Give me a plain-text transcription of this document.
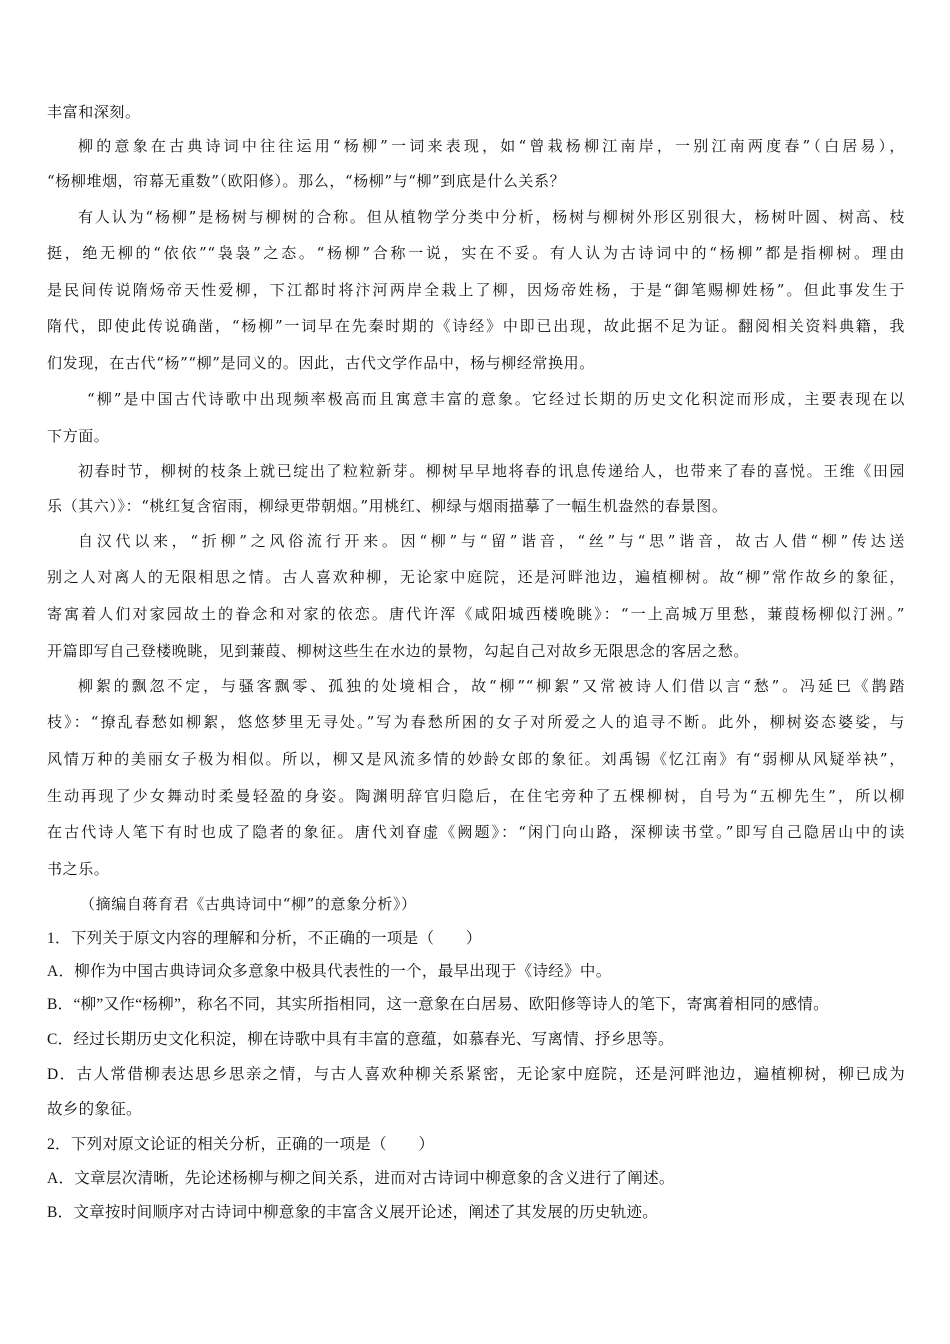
丰富和深刻。
柳的意象在古典诗词中往往运用“杨柳”一词来表现，如“曾栽杨柳江南岸，一别江南两度春”（白居易），
“杨柳堆烟，帘幕无重数”（欧阳修）。那么，“杨柳”与“柳”到底是什么关系？
有人认为“杨柳”是杨树与柳树的合称。但从植物学分类中分析，杨树与柳树外形区别很大，杨树叶圆、树高、枝
挺，绝无柳的“依依”“袅袅”之态。“杨柳”合称一说，实在不妥。有人认为古诗词中的“杨柳”都是指柳树。理由
是民间传说隋炀帝天性爱柳，下江都时将汴河两岸全栽上了柳，因炀帝姓杨，于是“御笔赐柳姓杨”。但此事发生于
隋代，即使此传说确凿，“杨柳”一词早在先秦时期的《诗经》中即已出现，故此据不足为证。翻阅相关资料典籍，我
们发现，在古代“杨”“柳”是同义的。因此，古代文学作品中，杨与柳经常换用。
“柳”是中国古代诗歌中出现频率极高而且寓意丰富的意象。它经过长期的历史文化积淀而形成，主要表现在以
下方面。
初春时节，柳树的枝条上就已绽出了粒粒新芽。柳树早早地将春的讯息传递给人，也带来了春的喜悦。王维《田园
乐（其六）》：“桃红复含宿雨，柳绿更带朝烟。”用桃红、柳绿与烟雨描摹了一幅生机盎然的春景图。
自汉代以来，“折柳”之风俗流行开来。因“柳”与“留”谐音，“丝”与“思”谐音，故古人借“柳”传达送
别之人对离人的无限相思之情。古人喜欢种柳，无论家中庭院，还是河畔池边，遍植柳树。故“柳”常作故乡的象征，
寄寓着人们对家园故土的眷念和对家的依恋。唐代许浑《咸阳城西楼晚眺》：“一上高城万里愁，蒹葭杨柳似汀洲。”
开篇即写自己登楼晚眺，见到蒹葭、柳树这些生在水边的景物，勾起自己对故乡无限思念的客居之愁。
柳絮的飘忽不定，与骚客飘零、孤独的处境相合，故“柳”“柳絮”又常被诗人们借以言“愁”。冯延巳《鹊踏
枝》：“撩乱春愁如柳絮，悠悠梦里无寻处。”写为春愁所困的女子对所爱之人的追寻不断。此外，柳树姿态婆娑，与
风情万种的美丽女子极为相似。所以，柳又是风流多情的妙龄女郎的象征。刘禹锡《忆江南》有“弱柳从风疑举袂”，
生动再现了少女舞动时柔曼轻盈的身姿。陶渊明辞官归隐后，在住宅旁种了五棵柳树，自号为“五柳先生”，所以柳
在古代诗人笔下有时也成了隐者的象征。唐代刘眘虚《阙题》：“闲门向山路，深柳读书堂。”即写自己隐居山中的读
书之乐。
（摘编自蒋育君《古典诗词中“柳”的意象分析》）
1．下列关于原文内容的理解和分析，不正确的一项是（　　）
A．柳作为中国古典诗词众多意象中极具代表性的一个，最早出现于《诗经》中。
B．“柳”又作“杨柳”，称名不同，其实所指相同，这一意象在白居易、欧阳修等诗人的笔下，寄寓着相同的感情。
C．经过长期历史文化积淀，柳在诗歌中具有丰富的意蕴，如慕春光、写离情、抒乡思等。
D．古人常借柳表达思乡思亲之情，与古人喜欢种柳关系紧密，无论家中庭院，还是河畔池边，遍植柳树，柳已成为
故乡的象征。
2．下列对原文论证的相关分析，正确的一项是（　　）
A．文章层次清晰，先论述杨柳与柳之间关系，进而对古诗词中柳意象的含义进行了阐述。
B．文章按时间顺序对古诗词中柳意象的丰富含义展开论述，阐述了其发展的历史轨迹。
